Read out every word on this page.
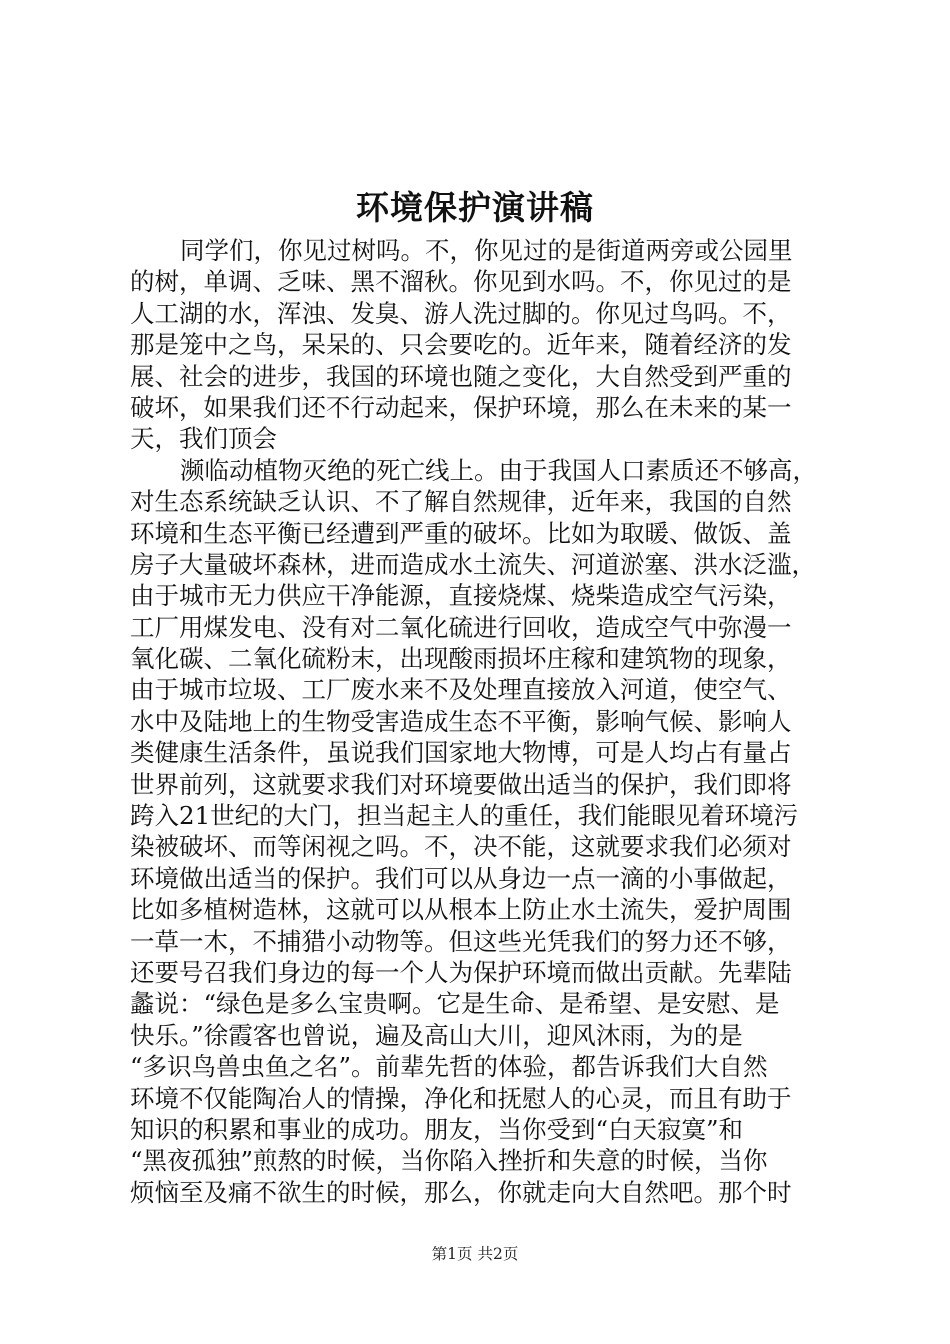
环境保护演讲稿
同学们，你见过树吗。不，你见过的是街道两旁或公园里
的树，单调、乏味、黑不溜秋。你见到水吗。不，你见过的是
人工湖的水，浑浊、发臭、游人洗过脚的。你见过鸟吗。不，
那是笼中之鸟，呆呆的、只会要吃的。近年来，随着经济的发
展、社会的进步，我国的环境也随之变化，大自然受到严重的
破坏，如果我们还不行动起来，保护环境，那么在未来的某一
天，我们顶会
濒临动植物灭绝的死亡线上。由于我国人口素质还不够高，
对生态系统缺乏认识、不了解自然规律，近年来，我国的自然
环境和生态平衡已经遭到严重的破坏。比如为取暖、做饭、盖
房子大量破坏森林，进而造成水土流失、河道淤塞、洪水泛滥，
由于城市无力供应干净能源，直接烧煤、烧柴造成空气污染，
工厂用煤发电、没有对二氧化硫进行回收，造成空气中弥漫一
氧化碳、二氧化硫粉末，出现酸雨损坏庄稼和建筑物的现象，
由于城市垃圾、工厂废水来不及处理直接放入河道，使空气、
水中及陆地上的生物受害造成生态不平衡，影响气候、影响人
类健康生活条件，虽说我们国家地大物博，可是人均占有量占
世界前列，这就要求我们对环境要做出适当的保护，我们即将
跨入21世纪的大门，担当起主人的重任，我们能眼见着环境污
染被破坏、而等闲视之吗。不，决不能，这就要求我们必须对
环境做出适当的保护。我们可以从身边一点一滴的小事做起，
比如多植树造林，这就可以从根本上防止水土流失，爱护周围
一草一木，不捕猎小动物等。但这些光凭我们的努力还不够，
还要号召我们身边的每一个人为保护环境而做出贡献。先辈陆
蠡说：“绿色是多么宝贵啊。它是生命、是希望、是安慰、是
快乐。”徐霞客也曾说，遍及高山大川，迎风沐雨，为的是
“多识鸟兽虫鱼之名”。前辈先哲的体验，都告诉我们大自然
环境不仅能陶冶人的情操，净化和抚慰人的心灵，而且有助于
知识的积累和事业的成功。朋友，当你受到“白天寂寞”和
“黑夜孤独”煎熬的时候，当你陷入挫折和失意的时候，当你
烦恼至及痛不欲生的时候，那么，你就走向大自然吧。那个时
第1页 共2页
